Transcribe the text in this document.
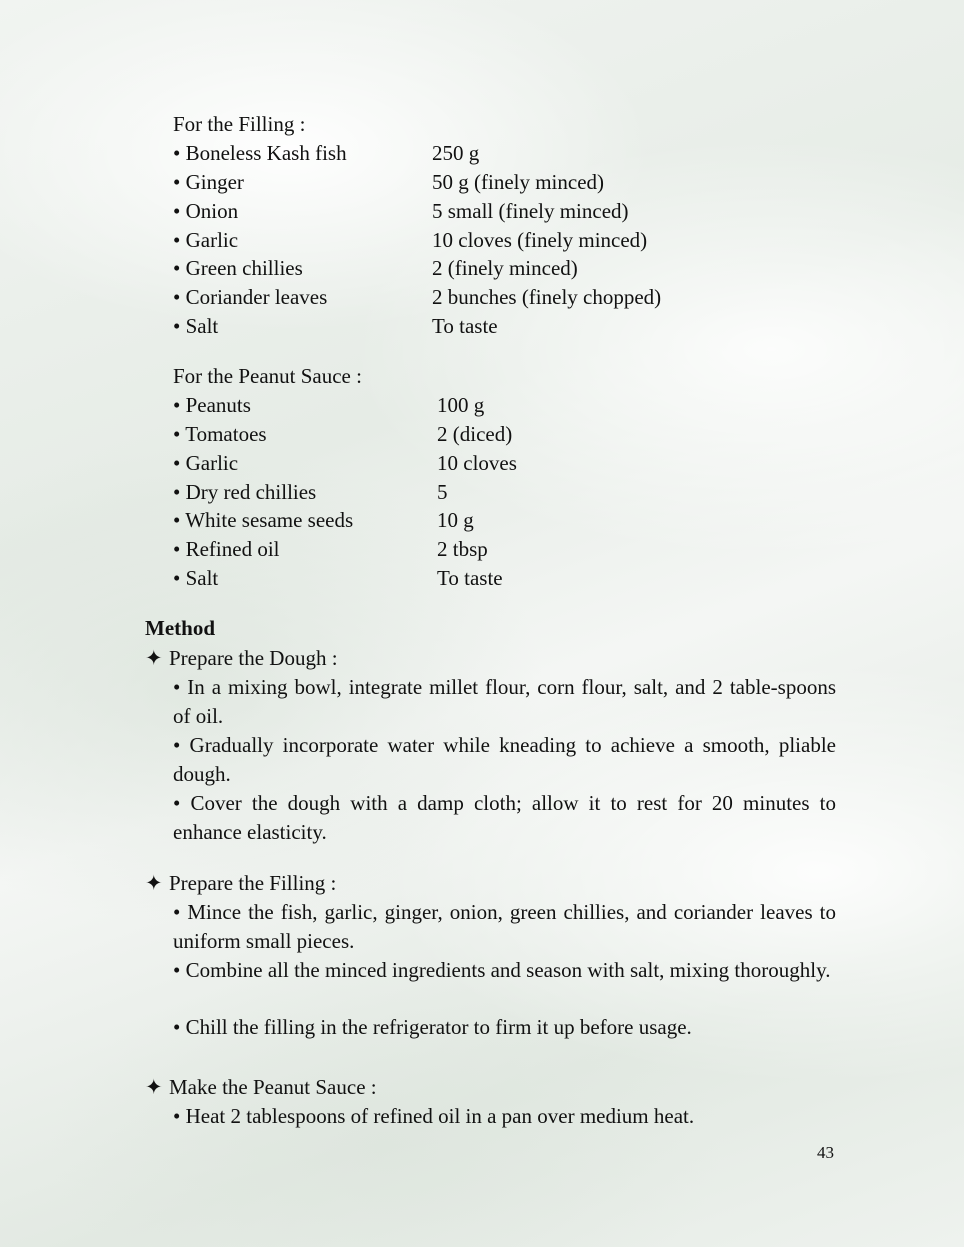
For the Filling :
• Boneless Kash fish	250 g
• Ginger	50 g (finely minced)
• Onion	5 small (finely minced)
• Garlic	10 cloves (finely minced)
• Green chillies	2 (finely minced)
• Coriander leaves	2 bunches (finely chopped)
• Salt	To taste
For the Peanut Sauce :
• Peanuts	100 g
• Tomatoes	2 (diced)
• Garlic	10 cloves
• Dry red chillies	5
• White sesame seeds	10 g
• Refined oil	2 tbsp
• Salt	To taste
Method
✦ Prepare the Dough :
• In a mixing bowl, integrate millet flour, corn flour, salt, and 2 table-spoons of oil.
• Gradually incorporate water while kneading to achieve a smooth, pliable dough.
• Cover the dough with a damp cloth; allow it to rest for 20 minutes to enhance elasticity.
✦ Prepare the Filling :
• Mince the fish, garlic, ginger, onion, green chillies, and coriander leaves to uniform small pieces.
• Combine all the minced ingredients and season with salt, mixing thoroughly.
• Chill the filling in the refrigerator to firm it up before usage.
✦ Make the Peanut Sauce :
• Heat 2 tablespoons of refined oil in a pan over medium heat.
43
